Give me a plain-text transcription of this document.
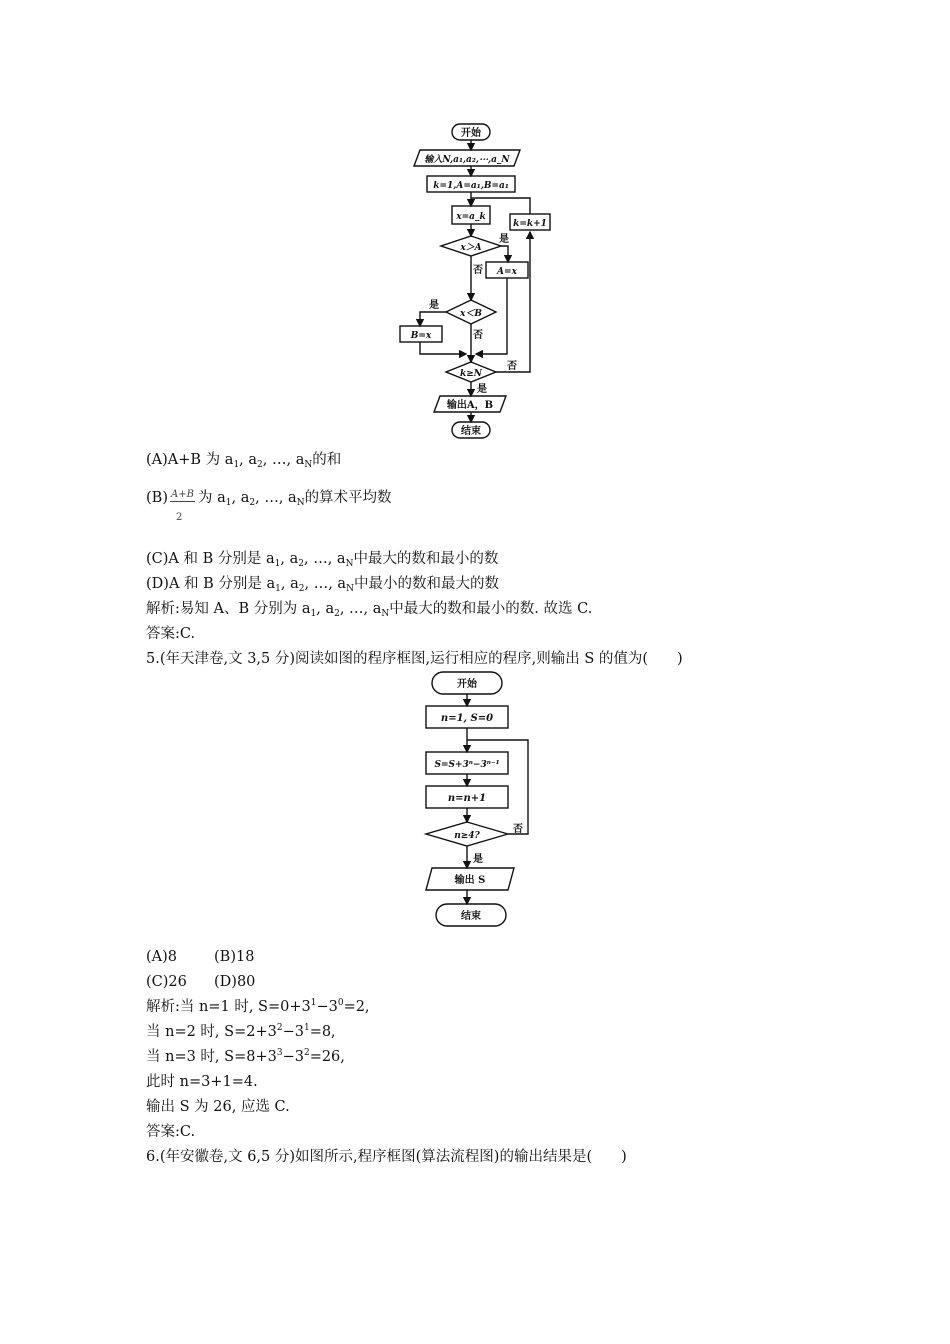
开始
输入N,a₁,a₂,⋯,a_N
k=1,A=a₁,B=a₁
x=a_k
k=k+1
x＞A
是
否 A=x
x＜B
是
否
B=x
k≥N
否
是
输出A，B
结束
(A)A+B 为 $a_1$, $a_2$, …, $a_N$的和
$(B) \frac{A+B}{2}$ 为 $a_1$, $a_2$, …, $a_N$的算术平均数
(C)A 和 B 分别是 $a_1$, $a_2$, …, $a_N$中最大的数和最小的数
(D)A 和 B 分别是 $a_1$, $a_2$, …, $a_N$中最小的数和最大的数
解析:易知 A、B 分别为 $a_1$, $a_2$, …, $a_N$中最大的数和最小的数. 故选 C.
答案:C.
5.(年天津卷,文 3,5 分)阅读如图的程序框图,运行相应的程序,则输出 S 的值为(　　)
开始
n=1, S=0
S=S+3ⁿ−3ⁿ⁻¹
n=n+1
n≥4?
否
是
输出 S
结束
(A)8	(B)18
(C)26 (D)80
解析:当 n=1 时, $S=0+3^1-3^0=2$,
当 n=2 时, $S=2+3^2-3^1=8$,
当 n=3 时, $S=8+3^3-3^2=26$,
此时 n=3+1=4.
输出 S 为 26, 应选 C.
答案:C.
6.(年安徽卷,文 6,5 分)如图所示,程序框图(算法流程图)的输出结果是(　　)
